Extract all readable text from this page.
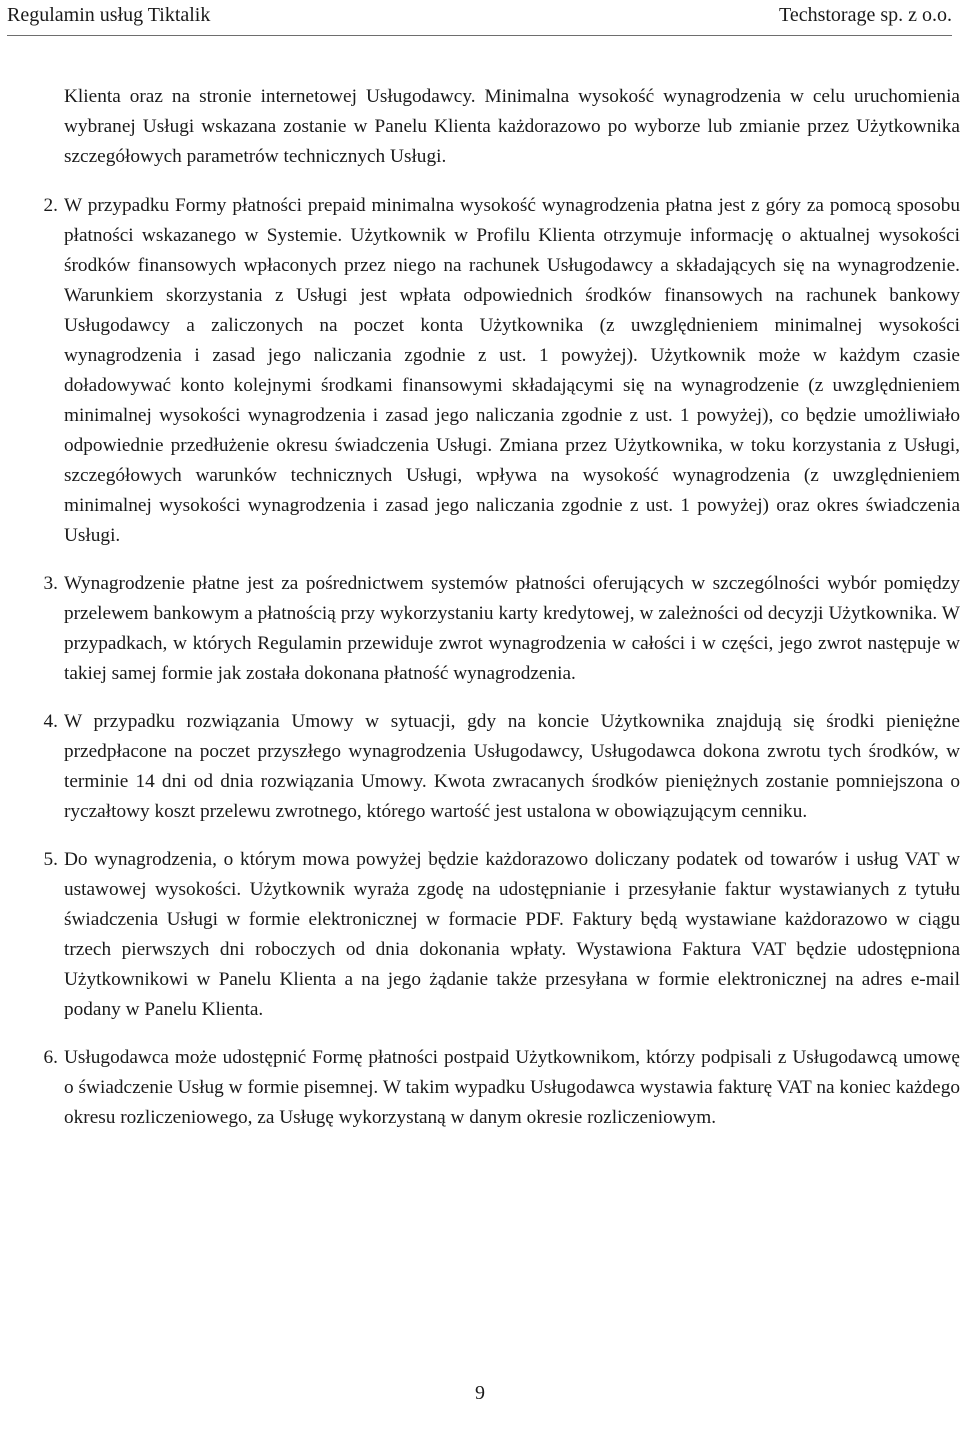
Regulamin usług Tiktalik	Techstorage sp. z o.o.

Klienta oraz na stronie internetowej Usługodawcy. Minimalna wysokość wynagrodzenia w celu uruchomienia wybranej Usługi wskazana zostanie w Panelu Klienta każdorazowo po wyborze lub zmianie przez Użytkownika szczegółowych parametrów technicznych Usługi.

2. W przypadku Formy płatności prepaid minimalna wysokość wynagrodzenia płatna jest z góry za pomocą sposobu płatności wskazanego w Systemie. Użytkownik w Profilu Klienta otrzymuje informację o aktualnej wysokości środków finansowych wpłaconych przez niego na rachunek Usługodawcy a składających się na wynagrodzenie. Warunkiem skorzystania z Usługi jest wpłata odpowiednich środków finansowych na rachunek bankowy Usługodawcy a zaliczonych na poczet konta Użytkownika (z uwzględnieniem minimalnej wysokości wynagrodzenia i zasad jego naliczania zgodnie z ust. 1 powyżej). Użytkownik może w każdym czasie doładowywać konto kolejnymi środkami finansowymi składającymi się na wynagrodzenie (z uwzględnieniem minimalnej wysokości wynagrodzenia i zasad jego naliczania zgodnie z ust. 1 powyżej), co będzie umożliwiało odpowiednie przedłużenie okresu świadczenia Usługi. Zmiana przez Użytkownika, w toku korzystania z Usługi, szczegółowych warunków technicznych Usługi, wpływa na wysokość wynagrodzenia (z uwzględnieniem minimalnej wysokości wynagrodzenia i zasad jego naliczania zgodnie z ust. 1 powyżej) oraz okres świadczenia Usługi.

3. Wynagrodzenie płatne jest za pośrednictwem systemów płatności oferujących w szczególności wybór pomiędzy przelewem bankowym a płatnością przy wykorzystaniu karty kredytowej, w zależności od decyzji Użytkownika. W przypadkach, w których Regulamin przewiduje zwrot wynagrodzenia w całości i w części, jego zwrot następuje w takiej samej formie jak została dokonana płatność wynagrodzenia.

4. W przypadku rozwiązania Umowy w sytuacji, gdy na koncie Użytkownika znajdują się środki pieniężne przedpłacone na poczet przyszłego wynagrodzenia Usługodawcy, Usługodawca dokona zwrotu tych środków, w terminie 14 dni od dnia rozwiązania Umowy. Kwota zwracanych środków pieniężnych zostanie pomniejszona o ryczałtowy koszt przelewu zwrotnego, którego wartość jest ustalona w obowiązującym cenniku.

5. Do wynagrodzenia, o którym mowa powyżej będzie każdorazowo doliczany podatek od towarów i usług VAT w ustawowej wysokości. Użytkownik wyraża zgodę na udostępnianie i przesyłanie faktur wystawianych z tytułu świadczenia Usługi w formie elektronicznej w formacie PDF. Faktury będą wystawiane każdorazowo w ciągu trzech pierwszych dni roboczych od dnia dokonania wpłaty. Wystawiona Faktura VAT będzie udostępniona Użytkownikowi w Panelu Klienta a na jego żądanie także przesyłana w formie elektronicznej na adres e-mail podany w Panelu Klienta.

6. Usługodawca może udostępnić Formę płatności postpaid Użytkownikom, którzy podpisali z Usługodawcą umowę o świadczenie Usług w formie pisemnej. W takim wypadku Usługodawca wystawia fakturę VAT na koniec każdego okresu rozliczeniowego, za Usługę wykorzystaną w danym okresie rozliczeniowym.

9
